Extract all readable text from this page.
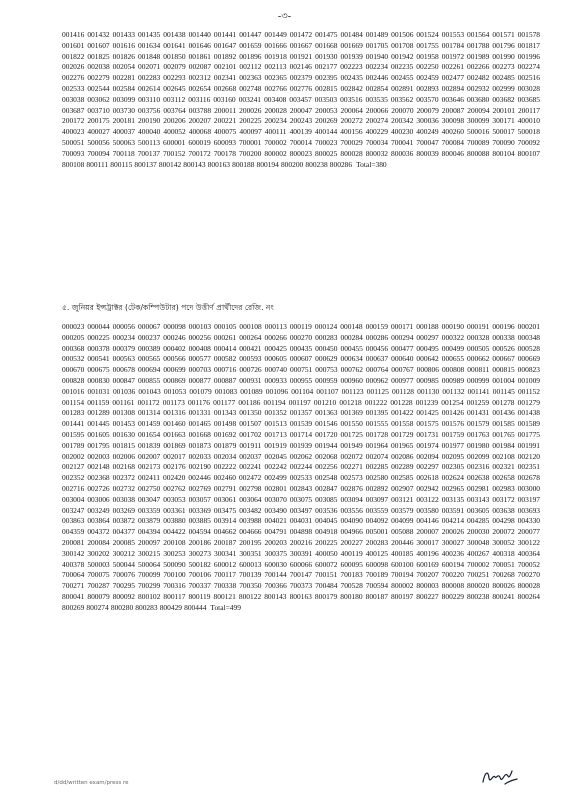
-৩-
001416 001432 001433 001435 001438 001440 001441 001447 001449 001472 001475 001484 001489 001506 001524 001553 001564 001571 001578 001601 001607 001616 001634 001641 001646 001647 001659 001666 001667 001668 001669 001705 001708 001755 001784 001788 001796 001817 001822 001825 001826 001848 001850 001861 001892 001896 001918 001921 001930 001939 001940 001942 001958 001972 001989 001990 001996 002026 002038 002054 002071 002079 002087 002101 002112 002113 002146 002177 002223 002234 002235 002250 002261 002266 002273 002274 002276 002279 002281 002283 002293 002312 002341 002363 002365 002379 002395 002435 002446 002455 002459 002477 002482 002485 002516 002533 002544 002584 002614 002645 002654 002668 002748 002766 002776 002815 002842 002854 002891 002893 002894 002932 002999 003028 003038 003062 003099 003110 003112 003116 003160 003241 003408 003457 003503 003516 003535 003562 003570 003646 003680 003682 003685 003687 003710 003730 003756 003764 003788 200011 200026 200028 200047 200053 200064 200066 200070 200079 200087 200094 200101 200117 200172 200175 200181 200190 200206 200207 200221 200225 200234 200243 200269 200272 200274 200342 300036 300098 300099 300171 400010 400023 400027 400037 400040 400052 400068 400075 400097 400111 400139 400144 400156 400229 400230 400249 400260 500016 500017 500018 500051 500056 500063 500113 600001 600019 600093 700001 700002 700014 700023 700029 700034 700041 700047 700084 700089 700090 700092 700093 700094 700118 700137 700152 700172 700178 700200 800002 800023 800025 800028 800032 800036 800039 800046 800088 800104 800107 800108 800111 800115 800137 800142 800143 800163 800188 800194 800200 800238 800286 Total=380
৫. জুনিয়র ইন্সট্রাক্টর (টেক/কম্পিউটার) পদে উত্তীর্ণ প্রার্থীদের রেজি. নং
000023 000044 000056 000067 000098 000103 000105 000108 000113 000119 000124 000148 000159 000171 000188 000190 000191 000196 000201 000205 000225 000234 000237 000246 000256 000261 000264 000266 000270 000283 000284 000286 000294 000297 000322 000328 000338 000348 000368 000378 000379 000389 000402 000408 000414 000421 000425 000435 000450 000455 000456 000477 000495 000499 000505 000526 000528 000532 000541 000563 000565 000566 000577 000582 000593 000605 000607 000629 000634 000637 000640 000642 000655 000662 000667 000669 000670 000675 000678 000694 000699 000703 000716 000726 000740 000751 000753 000762 000764 000767 000806 000808 000811 000815 000823 000828 000830 000847 000855 000869 000877 000887 000931 000933 000955 000959 000960 000962 000977 000985 000989 000999 001004 001009 001016 001031 001036 001043 001053 001079 001083 001089 001096 001104 001107 001123 001125 001128 001130 001132 001141 001145 001152 001154 001159 001161 001172 001173 001176 001177 001186 001194 001197 001210 001218 001222 001228 001239 001254 001259 001278 001279 001283 001289 001308 001314 001316 001331 001343 001350 001352 001357 001363 001369 001395 001422 001425 001426 001431 001436 001438 001441 001445 001453 001459 001460 001465 001498 001507 001513 001539 001546 001550 001555 001558 001575 001576 001579 001585 001589 001595 001605 001630 001654 001663 001668 001692 001702 001713 001714 001720 001725 001728 001729 001731 001759 001763 001765 001775 001789 001795 001815 001839 001869 001873 001879 001911 001919 001939 001944 001949 001964 001965 001974 001977 001980 001984 001991 002002 002003 002006 002007 002017 002033 002034 002037 002045 002062 002068 002072 002074 002086 002094 002095 002099 002108 002120 002127 002148 002168 002173 002176 002190 002222 002241 002242 002244 002256 002271 002285 002289 002297 002305 002316 002321 002351 002352 002368 002372 002411 002420 002446 002460 002472 002499 002533 002548 002573 002580 002585 002618 002624 002638 002658 002678 002716 002726 002732 002750 002762 002769 002791 002798 002801 002843 002847 002876 002892 002907 002942 002965 002981 002983 003000 003004 003006 003038 003047 003053 003057 003061 003064 003070 003075 003085 003094 003097 003121 003122 003135 003143 003172 003197 003247 003249 003269 003359 003361 003369 003475 003482 003490 003497 003536 003556 003559 003579 003580 003591 003605 003638 003693 003863 003864 003872 003879 003880 003885 003914 003988 004021 004031 004045 004090 004092 004099 004146 004214 004285 004298 004330 004359 004372 004377 004394 004422 004594 004662 004666 004791 004898 004918 004966 005001 005088 200007 200026 200030 200072 200077 200081 200084 200085 200097 200108 200186 200187 200195 200203 200216 200225 200227 200283 200446 300017 300027 300048 300052 300122 300142 300202 300212 300215 300253 300273 300341 300351 300375 300391 400050 400119 400125 400185 400196 400236 400267 400318 400364 400378 500003 500044 500064 500090 500182 600012 600013 600030 600066 600072 600095 600098 600100 600169 600194 700002 700051 700052 700064 700075 700076 700099 700100 700106 700117 700139 700144 700147 700151 700183 700189 700194 700207 700220 700251 700268 700270 700271 700287 700295 700299 700316 700337 700338 700350 700366 700373 700484 700528 700594 800002 800003 800008 800020 800026 800028 800041 800079 800092 800102 800117 800119 800121 800122 800143 800163 800179 800180 800187 800197 800227 800229 800238 800241 800264 800269 800274 800280 800283 800429 800444 Total=499
d/dd/written exam/press re
